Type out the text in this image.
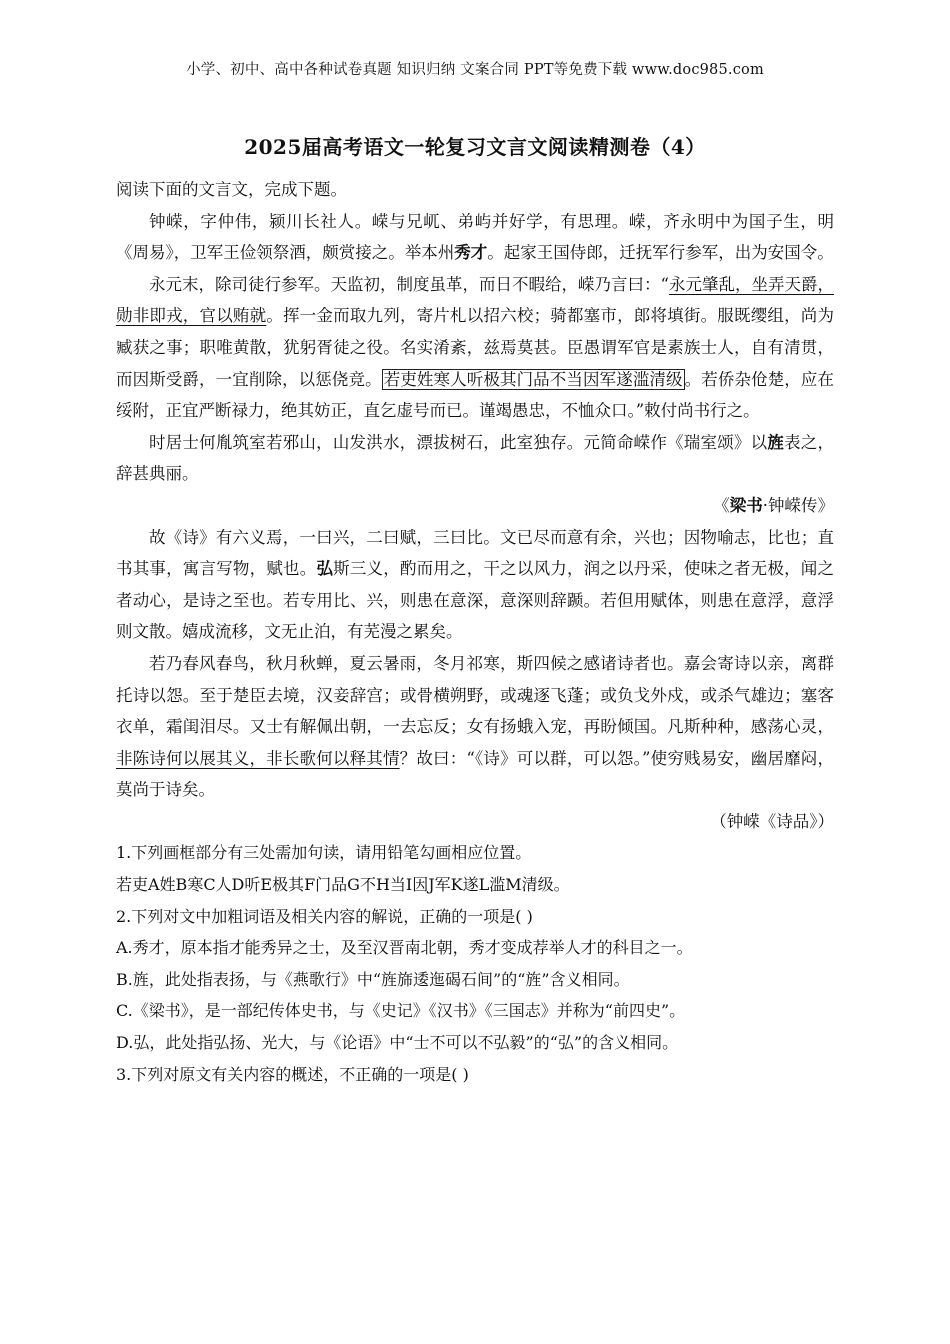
小学、初中、高中各种试卷真题 知识归纳 文案合同 PPT等免费下载 www.doc985.com
2025届高考语文一轮复习文言文阅读精测卷（4）

阅读下面的文言文，完成下题。

钟嵘，字仲伟，颍川长社人。嵘与兄屼、弟屿并好学，有思理。嵘，齐永明中为国子生，明《周易》，卫军王俭领祭酒，颇赏接之。举本州秀才。起家王国侍郎，迁抚军行参军，出为安国令。

永元末，除司徒行参军。天监初，制度虽革，而日不暇给，嵘乃言曰：“永元肇乱，坐弄天爵，勋非即戎，官以贿就。挥一金而取九列，寄片札以招六校；骑都塞市，郎将填街。服既缨组，尚为臧获之事；职唯黄散，犹躬胥徒之役。名实淆紊，兹焉莫甚。臣愚谓军官是素族士人，自有清贯，而因斯受爵，一宜削除，以惩侥竞。 若吏姓寒人听极其门品不当因军遂滥清级 。若侨杂伧楚，应在绥附，正宜严断禄力，绝其妨正，直乞虚号而已。谨竭愚忠，不恤众口。”敕付尚书行之。

时居士何胤筑室若邪山，山发洪水，漂拔树石，此室独存。元简命嵘作《瑞室颂》以旌表之，辞甚典丽。

《梁书·钟嵘传》

故《诗》有六义焉，一曰兴，二曰赋，三曰比。文已尽而意有余，兴也；因物喻志，比也；直书其事，寓言写物，赋也。弘斯三义，酌而用之，干之以风力，润之以丹采，使味之者无极，闻之者动心，是诗之至也。若专用比、兴，则患在意深，意深则辞踬。若但用赋体，则患在意浮，意浮则文散。嬉成流移，文无止泊，有芜漫之累矣。

若乃春风春鸟，秋月秋蝉，夏云暑雨，冬月祁寒，斯四候之感诸诗者也。嘉会寄诗以亲，离群托诗以怨。至于楚臣去境，汉妾辞宫；或骨横朔野，或魂逐飞蓬；或负戈外戍，或杀气雄边；塞客衣单，霜闺泪尽。又士有解佩出朝，一去忘反；女有扬蛾入宠，再盼倾国。凡斯种种，感荡心灵，非陈诗何以展其义，非长歌何以释其情？故曰：“《诗》可以群，可以怨。”使穷贱易安，幽居靡闷，莫尚于诗矣。

（钟嵘《诗品》）

1.下列画框部分有三处需加句读，请用铅笔勾画相应位置。

若吏A姓B寒C人D听E极其F门品G不H当I因J军K遂L滥M清级。

2.下列对文中加粗词语及相关内容的解说，正确的一项是( )

A.秀才，原本指才能秀异之士，及至汉晋南北朝，秀才变成荐举人才的科目之一。

B.旌，此处指表扬，与《燕歌行》中“旌旆逶迤碣石间”的“旌”含义相同。

C.《梁书》，是一部纪传体史书，与《史记》《汉书》《三国志》并称为“前四史”。

D.弘，此处指弘扬、光大，与《论语》中“士不可以不弘毅”的“弘”的含义相同。

3.下列对原文有关内容的概述，不正确的一项是( )
